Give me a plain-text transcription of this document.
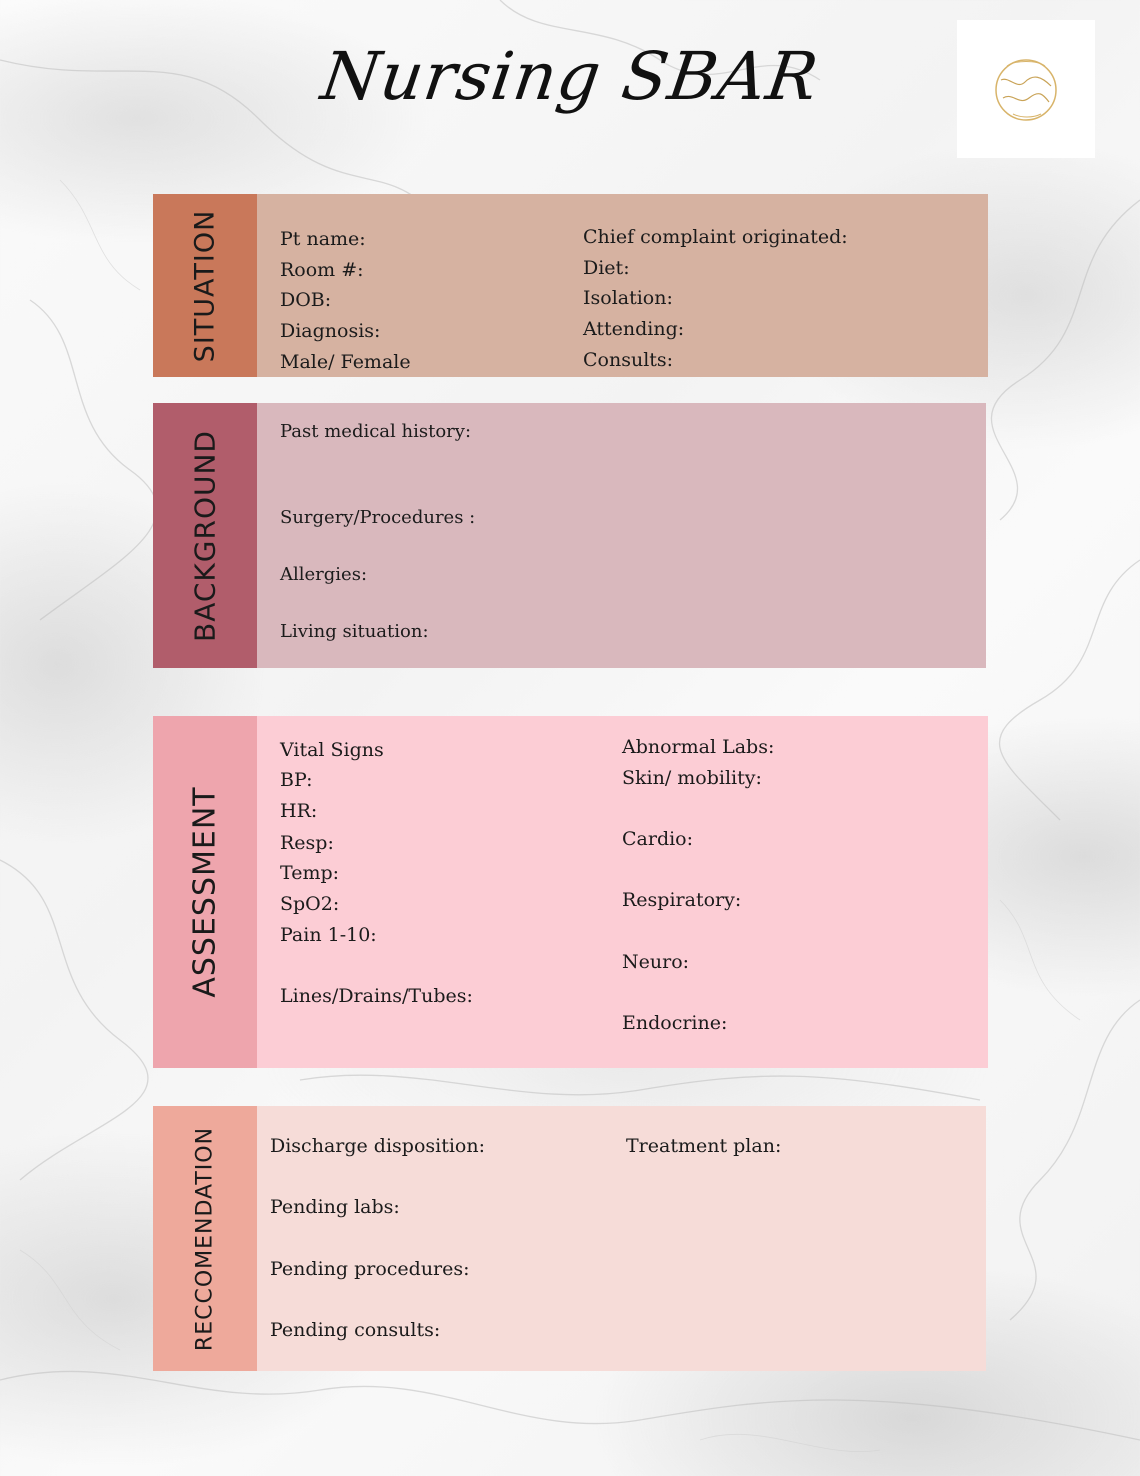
Nursing SBAR
SITUATION	Pt name:
Room #:
DOB:
Diagnosis:
Male/ Female
Chief complaint originated:
Diet:
Isolation:
Attending:
Consults:
BACKGROUND	Past medical history:
Surgery/Procedures :
Allergies:
Living situation:
ASSESSMENT
Vital Signs
BP:
HR:
Resp:
Temp:
SpO2:
Pain 1-10:
Lines/Drains/Tubes:
Abnormal Labs:
Skin/ mobility:
Cardio:
Respiratory:
Neuro:
Endocrine:
RECCOMENDATION	Discharge disposition:
Pending labs:
Pending procedures:
Pending consults:
Treatment plan:
